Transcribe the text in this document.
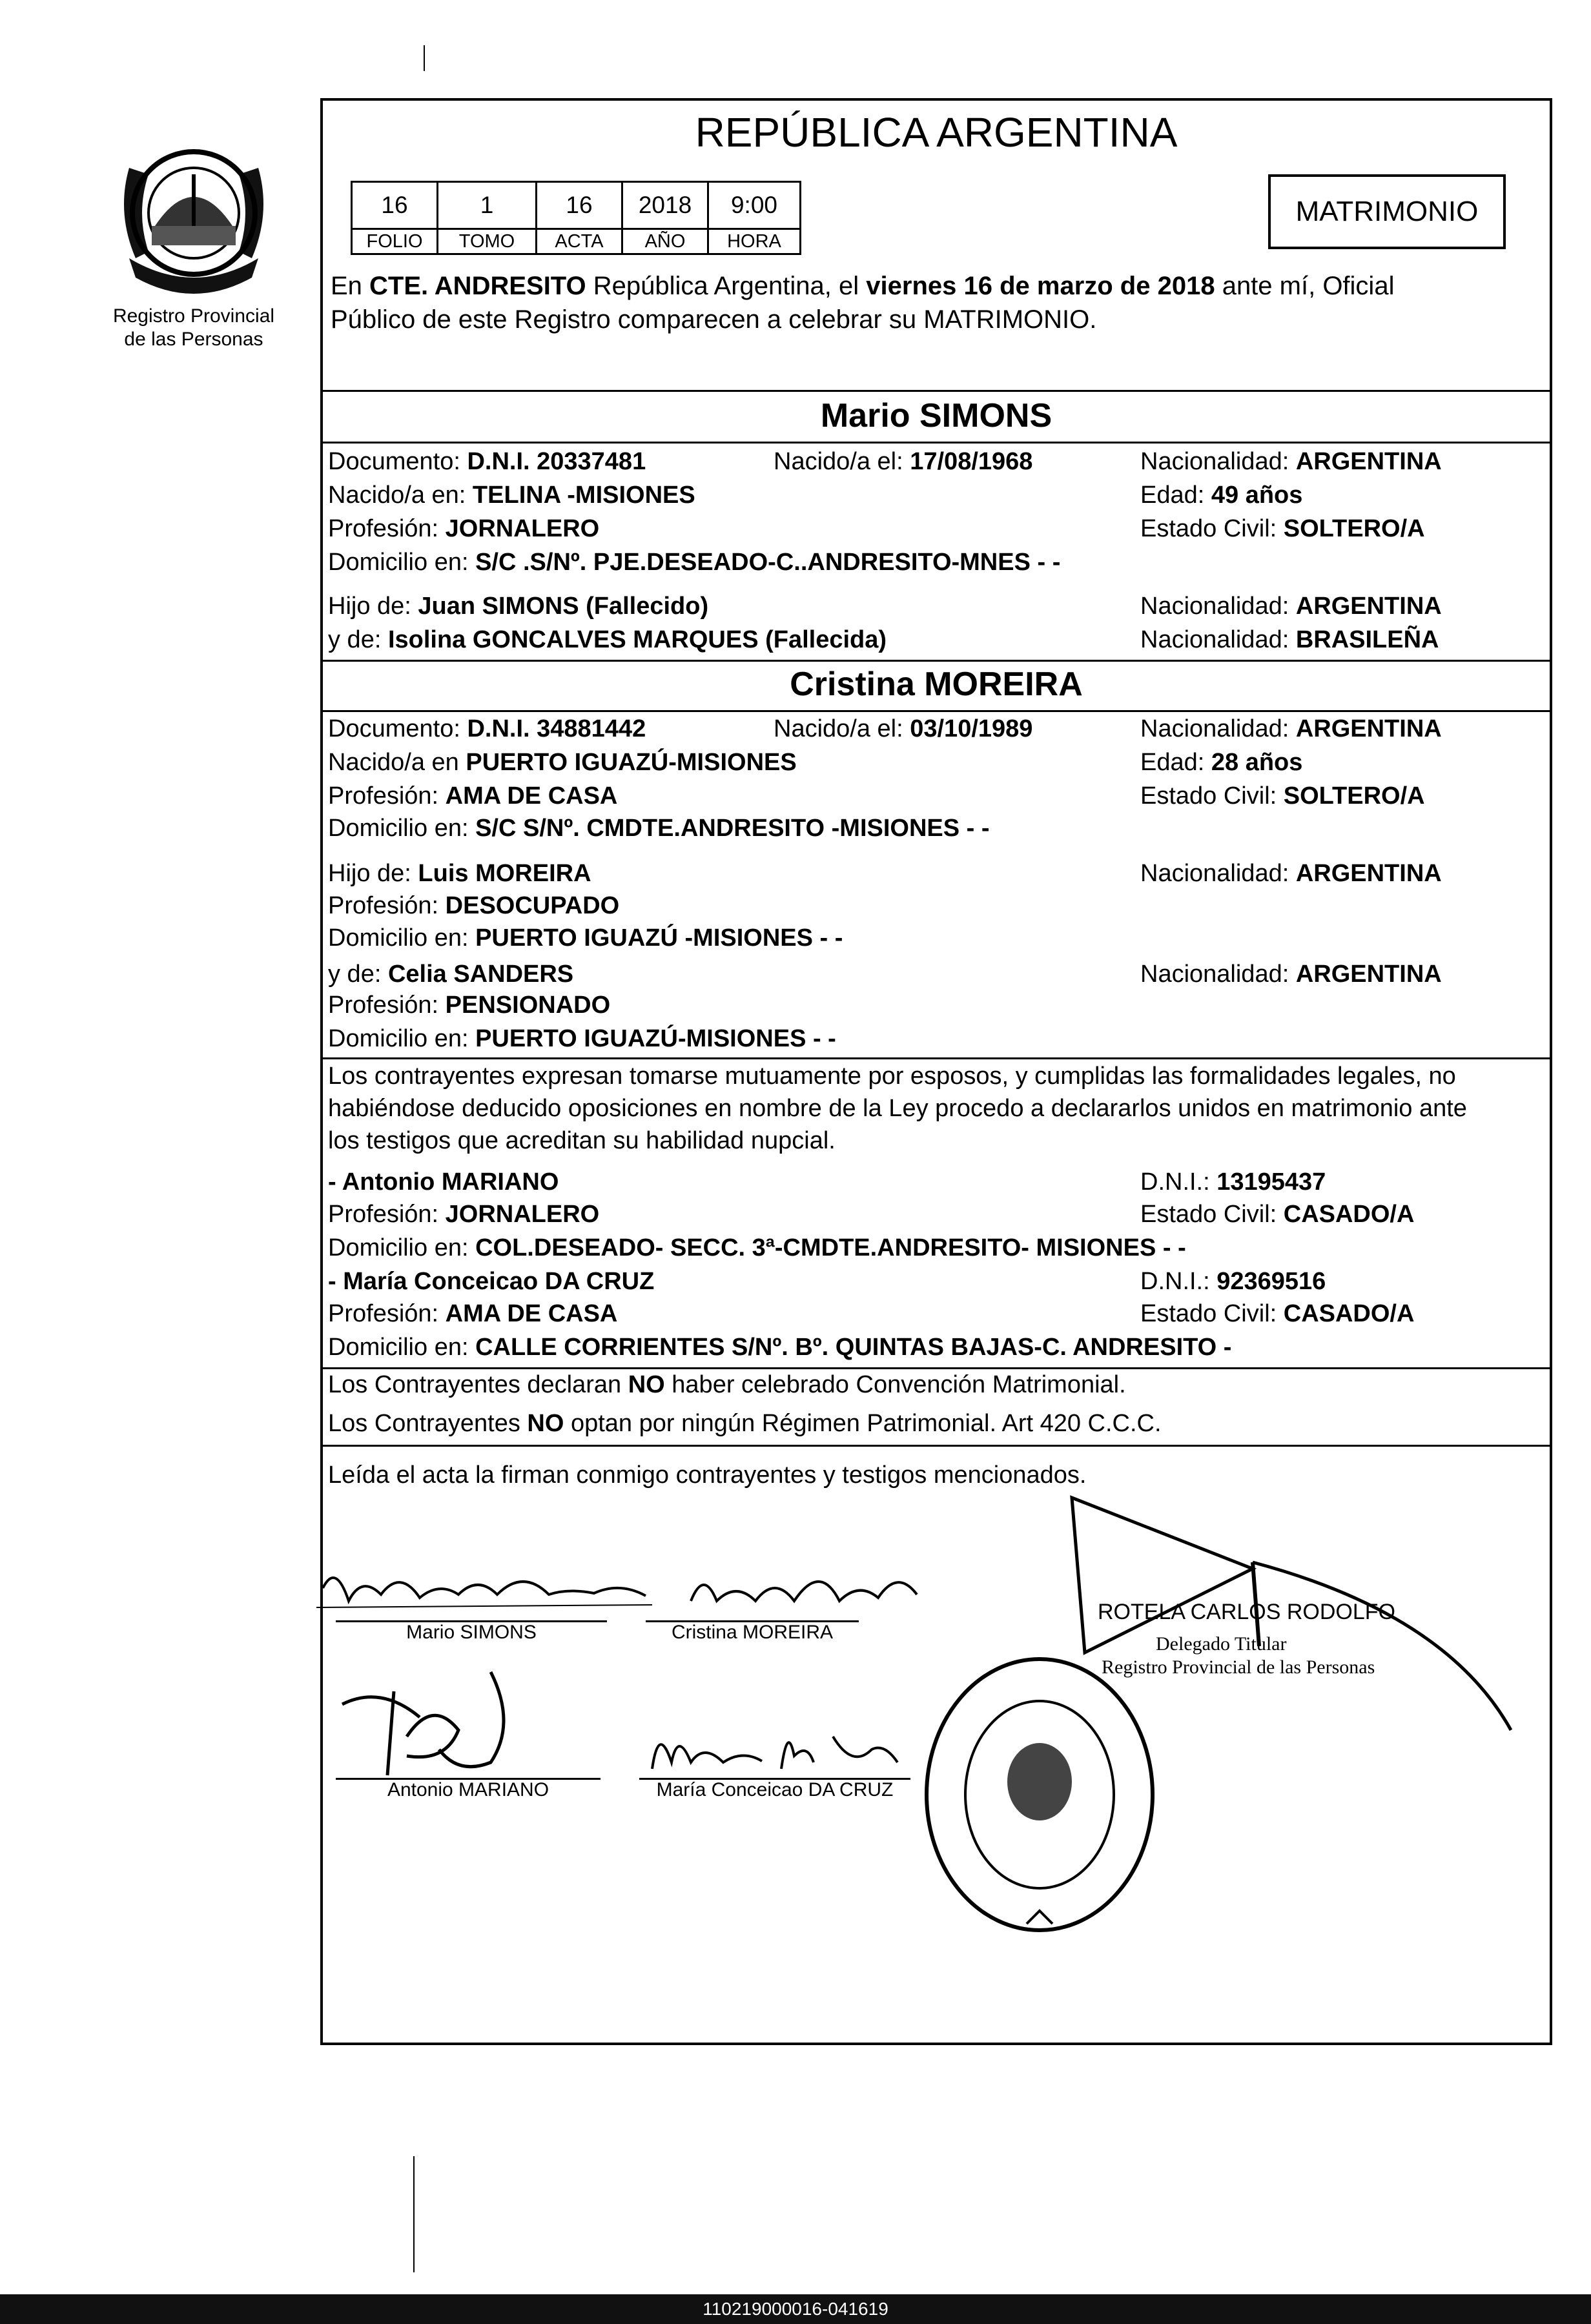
Registro Provincial
de las Personas
REPÚBLICA ARGENTINA
16	1	16	2018	9:00
FOLIO	TOMO	ACTA	AÑO	HORA
MATRIMONIO
En CTE. ANDRESITO República Argentina, el viernes 16 de marzo de 2018 ante mí, Oficial
Público de este Registro comparecen a celebrar su MATRIMONIO.
Mario SIMONS
Documento: D.N.I. 20337481	Nacido/a el: 17/08/1968	Nacionalidad: ARGENTINA
Nacido/a en: TELINA -MISIONES	Edad: 49 años
Profesión: JORNALERO	Estado Civil: SOLTERO/A
Domicilio en: S/C .S/Nº. PJE.DESEADO-C..ANDRESITO-MNES - -
Hijo de: Juan SIMONS (Fallecido)	Nacionalidad: ARGENTINA
y de: Isolina GONCALVES MARQUES (Fallecida)	Nacionalidad: BRASILEÑA
Cristina MOREIRA
Documento: D.N.I. 34881442	Nacido/a el: 03/10/1989	Nacionalidad: ARGENTINA
Nacido/a en PUERTO IGUAZÚ-MISIONES	Edad: 28 años
Profesión: AMA DE CASA	Estado Civil: SOLTERO/A
Domicilio en: S/C S/Nº. CMDTE.ANDRESITO -MISIONES - -
Hijo de: Luis MOREIRA	Nacionalidad: ARGENTINA
Profesión: DESOCUPADO
Domicilio en: PUERTO IGUAZÚ -MISIONES - -
y de: Celia SANDERS	Nacionalidad: ARGENTINA
Profesión: PENSIONADO
Domicilio en: PUERTO IGUAZÚ-MISIONES - -
Los contrayentes expresan tomarse mutuamente por esposos, y cumplidas las formalidades legales, no
habiéndose deducido oposiciones en nombre de la Ley procedo a declararlos unidos en matrimonio ante
los testigos que acreditan su habilidad nupcial.
- Antonio MARIANO	D.N.I.: 13195437
Profesión: JORNALERO	Estado Civil: CASADO/A
Domicilio en: COL.DESEADO- SECC. 3ª-CMDTE.ANDRESITO- MISIONES - -
- María Conceicao DA CRUZ	D.N.I.: 92369516
Profesión: AMA DE CASA	Estado Civil: CASADO/A
Domicilio en: CALLE CORRIENTES S/Nº. Bº. QUINTAS BAJAS-C. ANDRESITO -
Los Contrayentes declaran NO haber celebrado Convención Matrimonial.
Los Contrayentes NO optan por ningún Régimen Patrimonial. Art 420 C.C.C.
Leída el acta la firman conmigo contrayentes y testigos mencionados.
Mario SIMONS	Cristina MOREIRA
Antonio MARIANO	María Conceicao DA CRUZ
ROTELA CARLOS RODOLFO
Delegado Titular
Registro Provincial de las Personas
110219000016-041619
